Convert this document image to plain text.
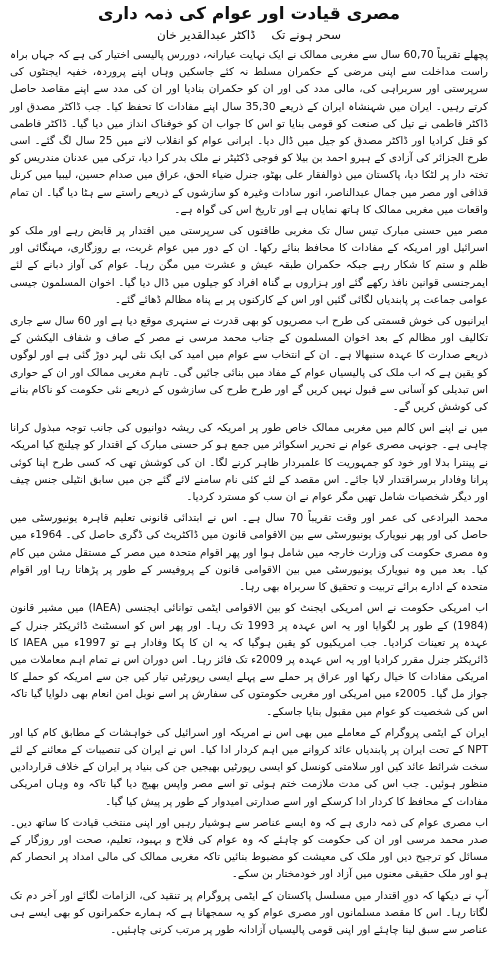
مصری قیادت اور عوام کی ذمہ داری
سحر ہونے تک ڈاکٹر عبدالقدیر خان

پچھلے تقریباً 60,70 سال سے مغربی ممالک نے ایک نہایت عیارانہ، دوررس پالیسی اختیار کی ہے کہ جہاں براہ راست مداخلت سے اپنی مرضی کے حکمران مسلط نہ کئے جاسکیں وہاں اپنے پروردہ، خفیہ ایجنٹوں کی سرپرستی اور سربراہی کی، مالی مدد کی اور ان کو حکمران بنادیا اور ان کی مدد سے اپنے مقاصد حاصل کرتے رہیں۔ ایران میں شہنشاہ ایران کے ذریعے 35,30 سال اپنے مفادات کا تحفظ کیا۔ جب ڈاکٹر مصدق اور ڈاکٹر فاطمی نے تیل کی صنعت کو قومی بنایا تو اس کا جواب ان کو خوفناک انداز میں دیا گیا۔ ڈاکٹر فاطمی کو قتل کرادیا اور ڈاکٹر مصدق کو جیل میں ڈال دیا۔ ایرانی عوام کو انقلاب لانے میں 25 سال لگ گئے۔ اسی طرح الجزائر کی آزادی کے ہیرو احمد بن بیلا کو فوجی ڈکٹیٹر نے ملک بدر کرا دیا، ترکی میں عدنان مندریس کو تختہ دار پر لٹکا دیا، پاکستان میں ذوالفقار علی بھٹو، جنرل ضیاء الحق، عراق میں صدام حسین، لیبیا میں کرنل قذافی اور مصر میں جمال عبدالناصر، انور سادات وغیرہ کو سازشوں کے ذریعے راستے سے ہٹا دیا گیا۔ ان تمام واقعات میں مغربی ممالک کا ہاتھ نمایاں ہے اور تاریخ اس کی گواہ ہے۔

مصر میں حسنی مبارک تیس سال تک مغربی طاقتوں کی سرپرستی میں اقتدار پر قابض رہے اور ملک کو اسرائیل اور امریکہ کے مفادات کا محافظ بنائے رکھا۔ ان کے دور میں عوام غربت، بے روزگاری، مہنگائی اور ظلم و ستم کا شکار رہے جبکہ حکمران طبقہ عیش و عشرت میں مگن رہا۔ عوام کی آواز دبانے کے لئے ایمرجنسی قوانین نافذ رکھے گئے اور ہزاروں بے گناہ افراد کو جیلوں میں ڈال دیا گیا۔ اخوان المسلمون جیسی عوامی جماعت پر پابندیاں لگائی گئیں اور اس کے کارکنوں پر بے پناہ مظالم ڈھائے گئے۔

ایرانیوں کی خوش قسمتی کی طرح اب مصریوں کو بھی قدرت نے سنہری موقع دیا ہے اور 60 سال سے جاری تکالیف اور مظالم کے بعد اخوان المسلمون کے جناب محمد مرسی نے مصر کے صاف و شفاف الیکشن کے ذریعے صدارت کا عہدہ سنبھالا ہے۔ ان کے انتخاب سے عوام میں امید کی ایک نئی لہر دوڑ گئی ہے اور لوگوں کو یقین ہے کہ اب ملک کی پالیسیاں عوام کے مفاد میں بنائی جائیں گی۔ تاہم مغربی ممالک اور ان کے حواری اس تبدیلی کو آسانی سے قبول نہیں کریں گے اور طرح طرح کی سازشوں کے ذریعے نئی حکومت کو ناکام بنانے کی کوشش کریں گے۔

میں نے اپنے اس کالم میں مغربی ممالک خاص طور پر امریکہ کی ریشہ دوانیوں کی جانب توجہ مبذول کرانا چاہی ہے۔ جونہی مصری عوام نے تحریر اسکوائر میں جمع ہو کر حسنی مبارک کے اقتدار کو چیلنج کیا امریکہ نے پینترا بدلا اور خود کو جمہوریت کا علمبردار ظاہر کرنے لگا۔ ان کی کوشش تھی کہ کسی طرح اپنا کوئی پرانا وفادار برسراقتدار لایا جائے۔ اس مقصد کے لئے کئی نام سامنے لائے گئے جن میں سابق انٹیلی جنس چیف اور دیگر شخصیات شامل تھیں مگر عوام نے ان سب کو مسترد کردیا۔

محمد البرادعی کی عمر اور وقت تقریباً 70 سال ہے۔ اس نے ابتدائی قانونی تعلیم قاہرہ یونیورسٹی میں حاصل کی اور پھر نیویارک یونیورسٹی سے بین الاقوامی قانون میں ڈاکٹریٹ کی ڈگری حاصل کی۔ 1964ء میں وہ مصری حکومت کی وزارت خارجہ میں شامل ہوا اور پھر اقوام متحدہ میں مصر کے مستقل مشن میں کام کیا۔ بعد میں وہ نیویارک یونیورسٹی میں بین الاقوامی قانون کے پروفیسر کے طور پر پڑھاتا رہا اور اقوام متحدہ کے ادارے برائے تربیت و تحقیق کا سربراہ بھی رہا۔

اب امریکی حکومت نے اس امریکی ایجنٹ کو بین الاقوامی ایٹمی توانائی ایجنسی (IAEA) میں مشیر قانون (1984) کے طور پر لگوایا اور یہ اس عہدہ پر 1993 تک رہا۔ اور پھر اس کو اسسٹنٹ ڈائریکٹر جنرل کے عہدہ پر تعینات کرادیا۔ جب امریکیوں کو یقین ہوگیا کہ یہ ان کا پکا وفادار ہے تو 1997ء میں IAEA کا ڈائریکٹر جنرل مقرر کرادیا اور یہ اس عہدہ پر 2009ء تک فائز رہا۔ اس دوران اس نے تمام اہم معاملات میں امریکی مفادات کا خیال رکھا اور عراق پر حملے سے پہلے ایسی رپورٹیں تیار کیں جن سے امریکہ کو حملے کا جواز مل گیا۔ 2005ء میں امریکی اور مغربی حکومتوں کی سفارش پر اسے نوبل امن انعام بھی دلوایا گیا تاکہ اس کی شخصیت کو عوام میں مقبول بنایا جاسکے۔

ایران کے ایٹمی پروگرام کے معاملے میں بھی اس نے امریکہ اور اسرائیل کی خواہشات کے مطابق کام کیا اور NPT کے تحت ایران پر پابندیاں عائد کروانے میں اہم کردار ادا کیا۔ اس نے ایران کی تنصیبات کے معائنے کے لئے سخت شرائط عائد کیں اور سلامتی کونسل کو ایسی رپورٹیں بھیجیں جن کی بنیاد پر ایران کے خلاف قراردادیں منظور ہوئیں۔ جب اس کی مدت ملازمت ختم ہوئی تو اسے مصر واپس بھیج دیا گیا تاکہ وہ وہاں امریکی مفادات کے محافظ کا کردار ادا کرسکے اور اسے صدارتی امیدوار کے طور پر پیش کیا گیا۔

اب مصری عوام کی ذمہ داری ہے کہ وہ ایسے عناصر سے ہوشیار رہیں اور اپنی منتخب قیادت کا ساتھ دیں۔ صدر محمد مرسی اور ان کی حکومت کو چاہئے کہ وہ عوام کی فلاح و بہبود، تعلیم، صحت اور روزگار کے مسائل کو ترجیح دیں اور ملک کی معیشت کو مضبوط بنائیں تاکہ مغربی ممالک کی مالی امداد پر انحصار کم ہو اور ملک حقیقی معنوں میں آزاد اور خودمختار بن سکے۔

آپ نے دیکھا کہ دورِ اقتدار میں مسلسل پاکستان کے ایٹمی پروگرام پر تنقید کی، الزامات لگائے اور آخر دم تک لگاتا رہا۔ اس کا مقصد مسلمانوں اور مصری عوام کو یہ سمجھانا ہے کہ ہمارے حکمرانوں کو بھی ایسے ہی عناصر سے سبق لینا چاہئے اور اپنی قومی پالیسیاں آزادانہ طور پر مرتب کرنی چاہئیں۔
